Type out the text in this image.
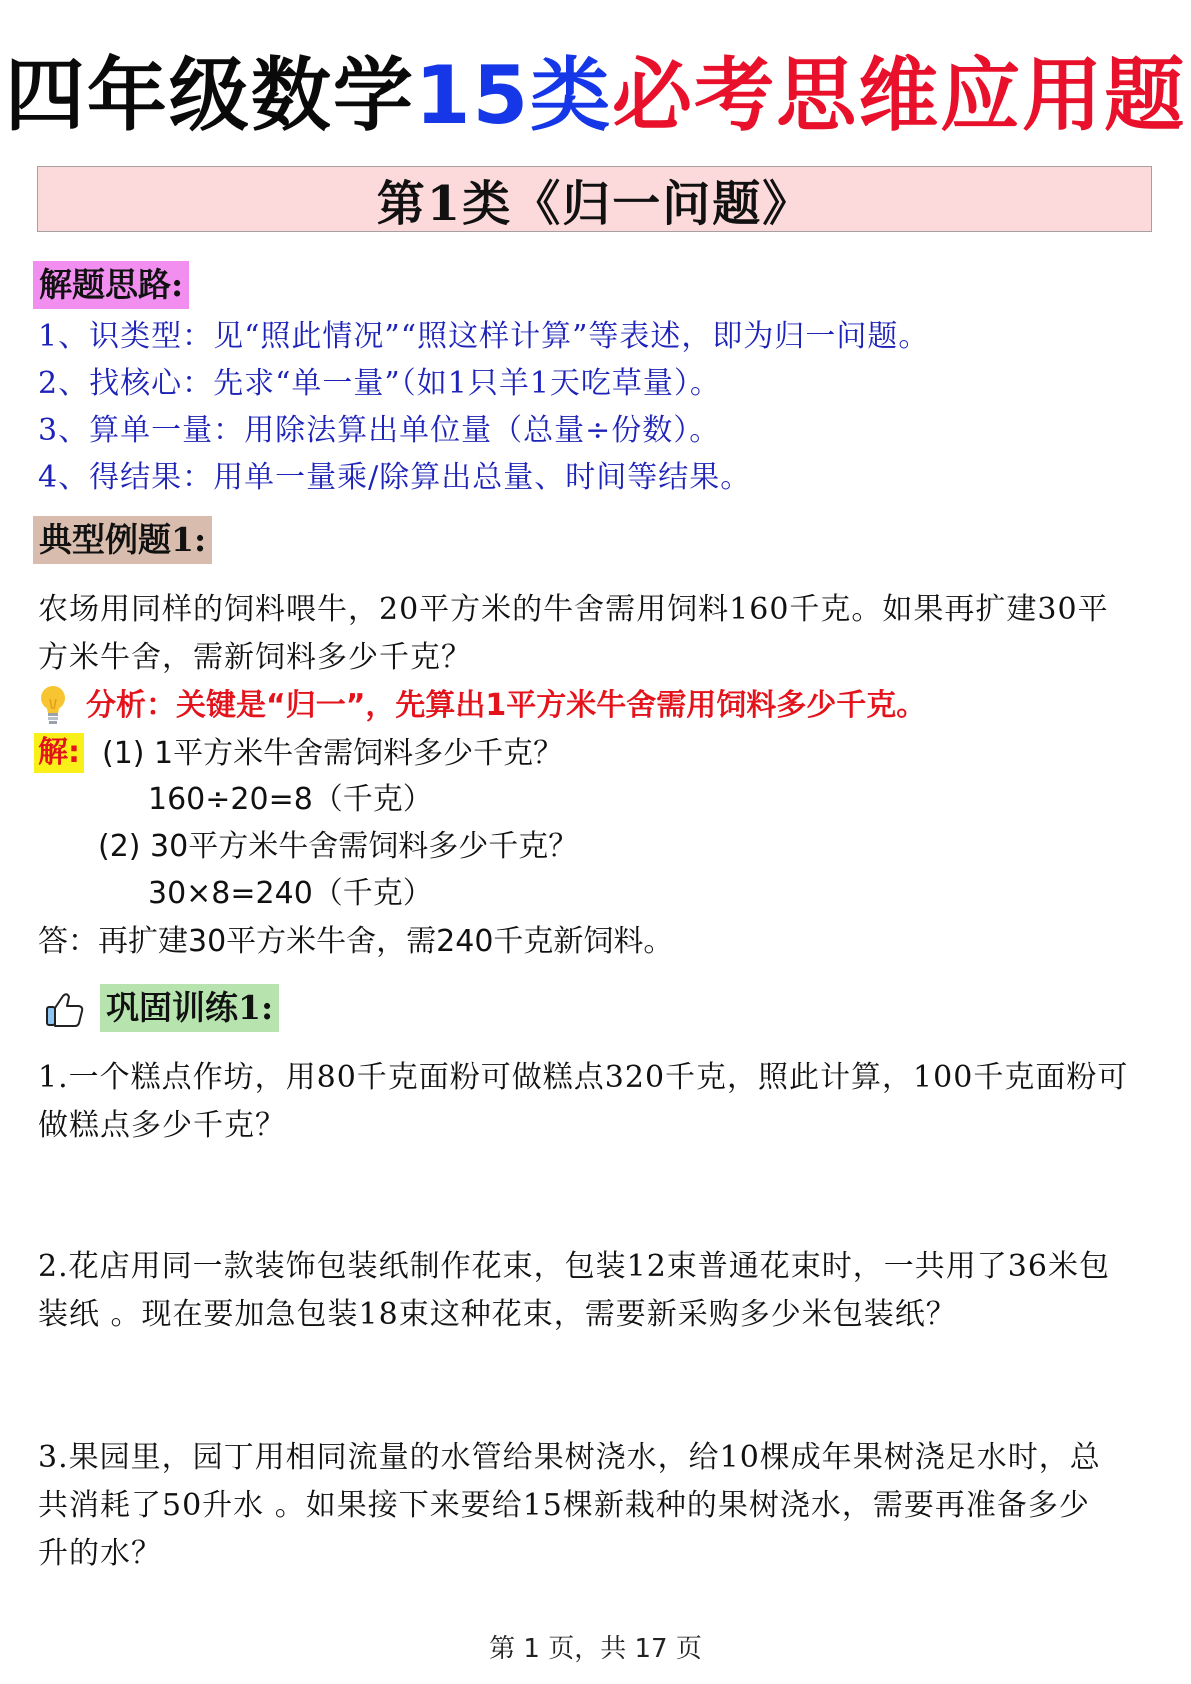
四年级数学15类必考思维应用题
第1类《归一问题》
解题思路:
1、识类型：见“照此情况”“照这样计算”等表述，即为归一问题。
2、找核心：先求“单一量”（如1只羊1天吃草量）。
3、算单一量：用除法算出单位量（总量÷份数）。
4、得结果：用单一量乘/除算出总量、时间等结果。
典型例题1:
农场用同样的饲料喂牛，20平方米的牛舍需用饲料160千克。如果再扩建30平
方米牛舍，需新饲料多少千克？
分析：关键是“归一”，先算出1平方米牛舍需用饲料多少千克。
解: (1) 1平方米牛舍需饲料多少千克？
160÷20=8（千克）
(2) 30平方米牛舍需饲料多少千克？
30×8=240（千克）
答：再扩建30平方米牛舍，需240千克新饲料。
巩固训练1:
1.一个糕点作坊，用80千克面粉可做糕点320千克，照此计算，100千克面粉可
做糕点多少千克？
2.花店用同一款装饰包装纸制作花束，包装12束普通花束时，一共用了36米包
装纸 。现在要加急包装18束这种花束，需要新采购多少米包装纸？
3.果园里，园丁用相同流量的水管给果树浇水，给10棵成年果树浇足水时，总
共消耗了50升水 。如果接下来要给15棵新栽种的果树浇水，需要再准备多少
升的水？
第 1 页，共 17 页
